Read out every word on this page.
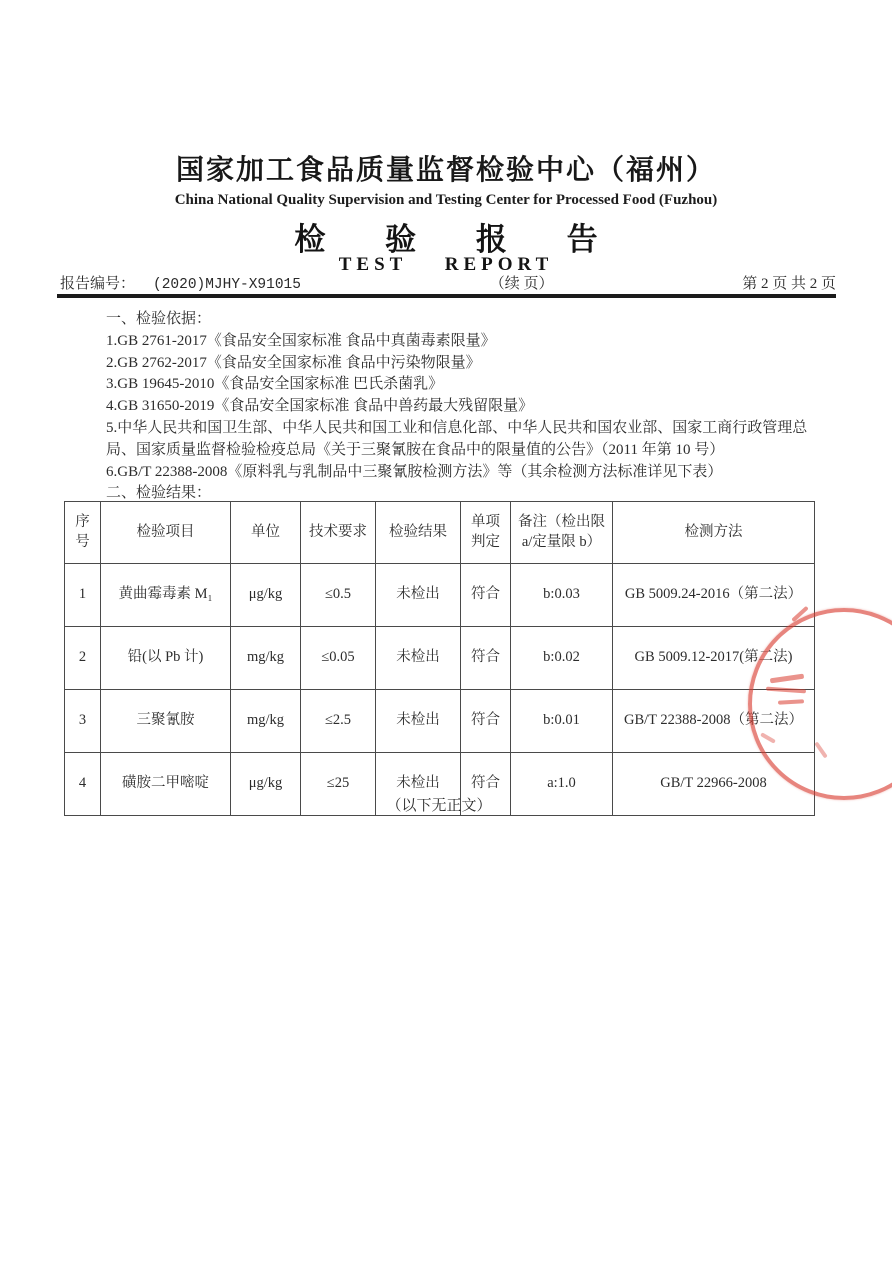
国家加工食品质量监督检验中心（福州）
China National Quality Supervision and Testing Center for Processed Food (Fuzhou)
检 验 报 告
TEST REPORT
报告编号： (2020)MJHY-X91015	（续 页）	第 2 页 共 2 页

一、检验依据：

1.GB 2761-2017《食品安全国家标准 食品中真菌毒素限量》

2.GB 2762-2017《食品安全国家标准 食品中污染物限量》

3.GB 19645-2010《食品安全国家标准 巴氏杀菌乳》

4.GB 31650-2019《食品安全国家标准 食品中兽药最大残留限量》

5.中华人民共和国卫生部、中华人民共和国工业和信息化部、中华人民共和国农业部、国家工商行政管理总局、国家质量监督检验检疫总局《关于三聚氰胺在食品中的限量值的公告》（2011 年第 10 号）

6.GB/T 22388-2008《原料乳与乳制品中三聚氰胺检测方法》等（其余检测方法标准详见下表）

二、检验结果：

序号	检验项目	单位	技术要求	检验结果	单项判定	备注（检出限 a/定量限 b）	检测方法
1	黄曲霉毒素 M₁	μg/kg	≤0.5	未检出	符合	b:0.03	GB 5009.24-2016（第二法）
2	铅(以 Pb 计)	mg/kg	≤0.05	未检出	符合	b:0.02	GB 5009.12-2017(第二法)
3	三聚氰胺	mg/kg	≤2.5	未检出	符合	b:0.01	GB/T 22388-2008（第二法）
4	磺胺二甲嘧啶	μg/kg	≤25	未检出	符合	a:1.0	GB/T 22966-2008
（以下无正文）
